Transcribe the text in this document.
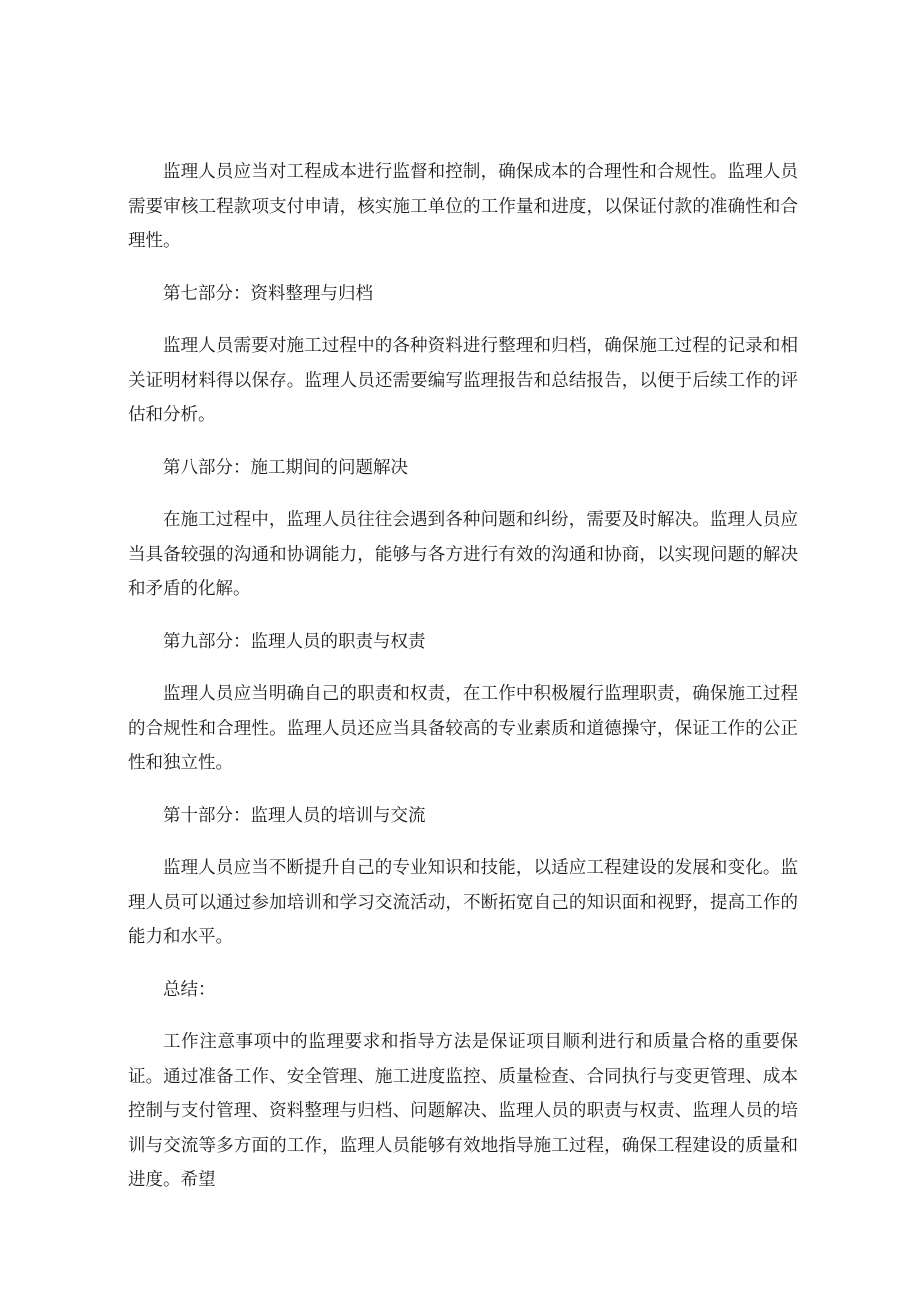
监理人员应当对工程成本进行监督和控制，确保成本的合理性和合规性。监理人员需要审核工程款项支付申请，核实施工单位的工作量和进度，以保证付款的准确性和合理性。

第七部分：资料整理与归档

监理人员需要对施工过程中的各种资料进行整理和归档，确保施工过程的记录和相关证明材料得以保存。监理人员还需要编写监理报告和总结报告，以便于后续工作的评估和分析。

第八部分：施工期间的问题解决

在施工过程中，监理人员往往会遇到各种问题和纠纷，需要及时解决。监理人员应当具备较强的沟通和协调能力，能够与各方进行有效的沟通和协商，以实现问题的解决和矛盾的化解。

第九部分：监理人员的职责与权责

监理人员应当明确自己的职责和权责，在工作中积极履行监理职责，确保施工过程的合规性和合理性。监理人员还应当具备较高的专业素质和道德操守，保证工作的公正性和独立性。

第十部分：监理人员的培训与交流

监理人员应当不断提升自己的专业知识和技能，以适应工程建设的发展和变化。监理人员可以通过参加培训和学习交流活动，不断拓宽自己的知识面和视野，提高工作的能力和水平。

总结：

工作注意事项中的监理要求和指导方法是保证项目顺利进行和质量合格的重要保证。通过准备工作、安全管理、施工进度监控、质量检查、合同执行与变更管理、成本控制与支付管理、资料整理与归档、问题解决、监理人员的职责与权责、监理人员的培训与交流等多方面的工作，监理人员能够有效地指导施工过程，确保工程建设的质量和进度。希望
